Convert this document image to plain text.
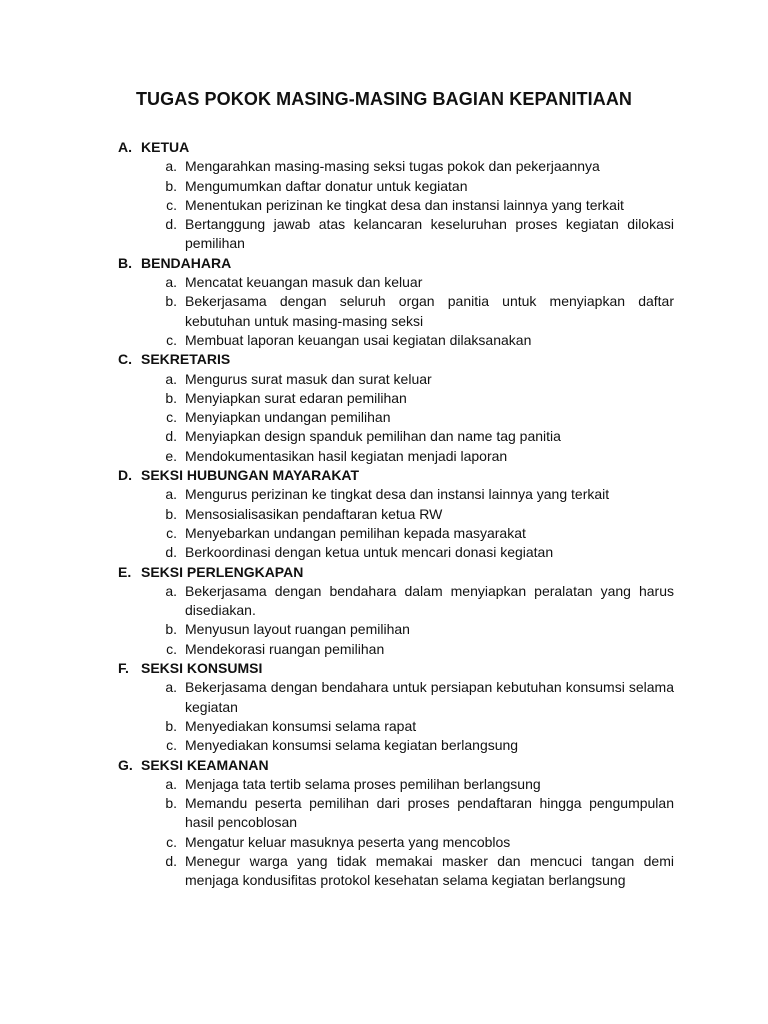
TUGAS POKOK MASING-MASING BAGIAN KEPANITIAAN
A. KETUA
a. Mengarahkan masing-masing seksi tugas pokok dan pekerjaannya
b. Mengumumkan daftar donatur untuk kegiatan
c. Menentukan perizinan ke tingkat desa dan instansi lainnya yang terkait
d. Bertanggung jawab atas kelancaran keseluruhan proses kegiatan dilokasi pemilihan
B. BENDAHARA
a. Mencatat keuangan masuk dan keluar
b. Bekerjasama dengan seluruh organ panitia untuk menyiapkan daftar kebutuhan untuk masing-masing seksi
c. Membuat laporan keuangan usai kegiatan dilaksanakan
C. SEKRETARIS
a. Mengurus surat masuk dan surat keluar
b. Menyiapkan surat edaran pemilihan
c. Menyiapkan undangan pemilihan
d. Menyiapkan design spanduk pemilihan dan name tag panitia
e. Mendokumentasikan hasil kegiatan menjadi laporan
D. SEKSI HUBUNGAN MAYARAKAT
a. Mengurus perizinan ke tingkat desa dan instansi lainnya yang terkait
b. Mensosialisasikan pendaftaran ketua RW
c. Menyebarkan undangan pemilihan kepada masyarakat
d. Berkoordinasi dengan ketua untuk mencari donasi kegiatan
E. SEKSI PERLENGKAPAN
a. Bekerjasama dengan bendahara dalam menyiapkan peralatan yang harus disediakan.
b. Menyusun layout ruangan pemilihan
c. Mendekorasi ruangan pemilihan
F. SEKSI KONSUMSI
a. Bekerjasama dengan bendahara untuk persiapan kebutuhan konsumsi selama kegiatan
b. Menyediakan konsumsi selama rapat
c. Menyediakan konsumsi selama kegiatan berlangsung
G. SEKSI KEAMANAN
a. Menjaga tata tertib selama proses pemilihan berlangsung
b. Memandu peserta pemilihan dari proses pendaftaran hingga pengumpulan hasil pencoblosan
c. Mengatur keluar masuknya peserta yang mencoblos
d. Menegur warga yang tidak memakai masker dan mencuci tangan demi menjaga kondusifitas protokol kesehatan selama kegiatan berlangsung
